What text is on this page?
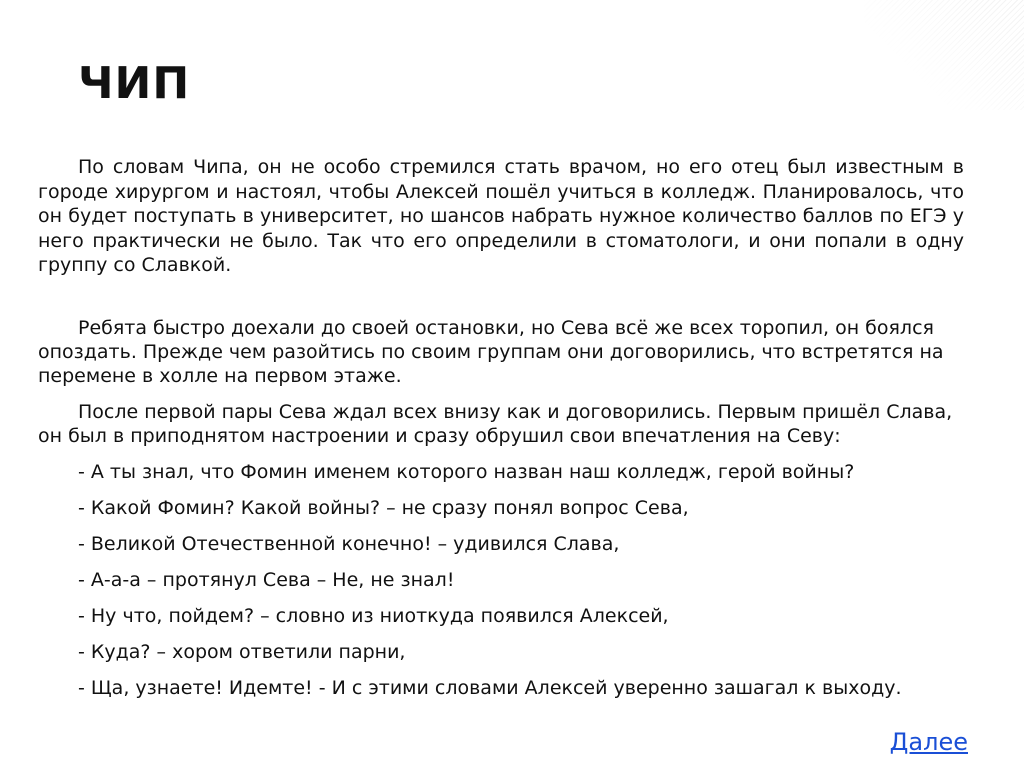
ЧИП

По словам Чипа, он не особо стремился стать врачом, но его отец был известным в городе хирургом и настоял, чтобы Алексей пошёл учиться в колледж. Планировалось, что он будет поступать в университет, но шансов набрать нужное количество баллов по ЕГЭ у него практически не было. Так что его определили в стоматологи, и они попали в одну группу со Славкой.

Ребята быстро доехали до своей остановки, но Сева всё же всех торопил, он боялся опоздать. Прежде чем разойтись по своим группам они договорились, что встретятся на перемене в холле на первом этаже.

После первой пары Сева ждал всех внизу как и договорились. Первым пришёл Слава, он был в приподнятом настроении и сразу обрушил свои впечатления на Севу:

- А ты знал, что Фомин именем которого назван наш колледж, герой войны?

- Какой Фомин? Какой войны? – не сразу понял вопрос Сева,

- Великой Отечественной конечно! – удивился Слава,

- А-а-а – протянул Сева – Не, не знал!

- Ну что, пойдем? – словно из ниоткуда появился Алексей,

- Куда? – хором ответили парни,

- Ща, узнаете! Идемте! - И с этими словами Алексей уверенно зашагал к выходу.

Далее
